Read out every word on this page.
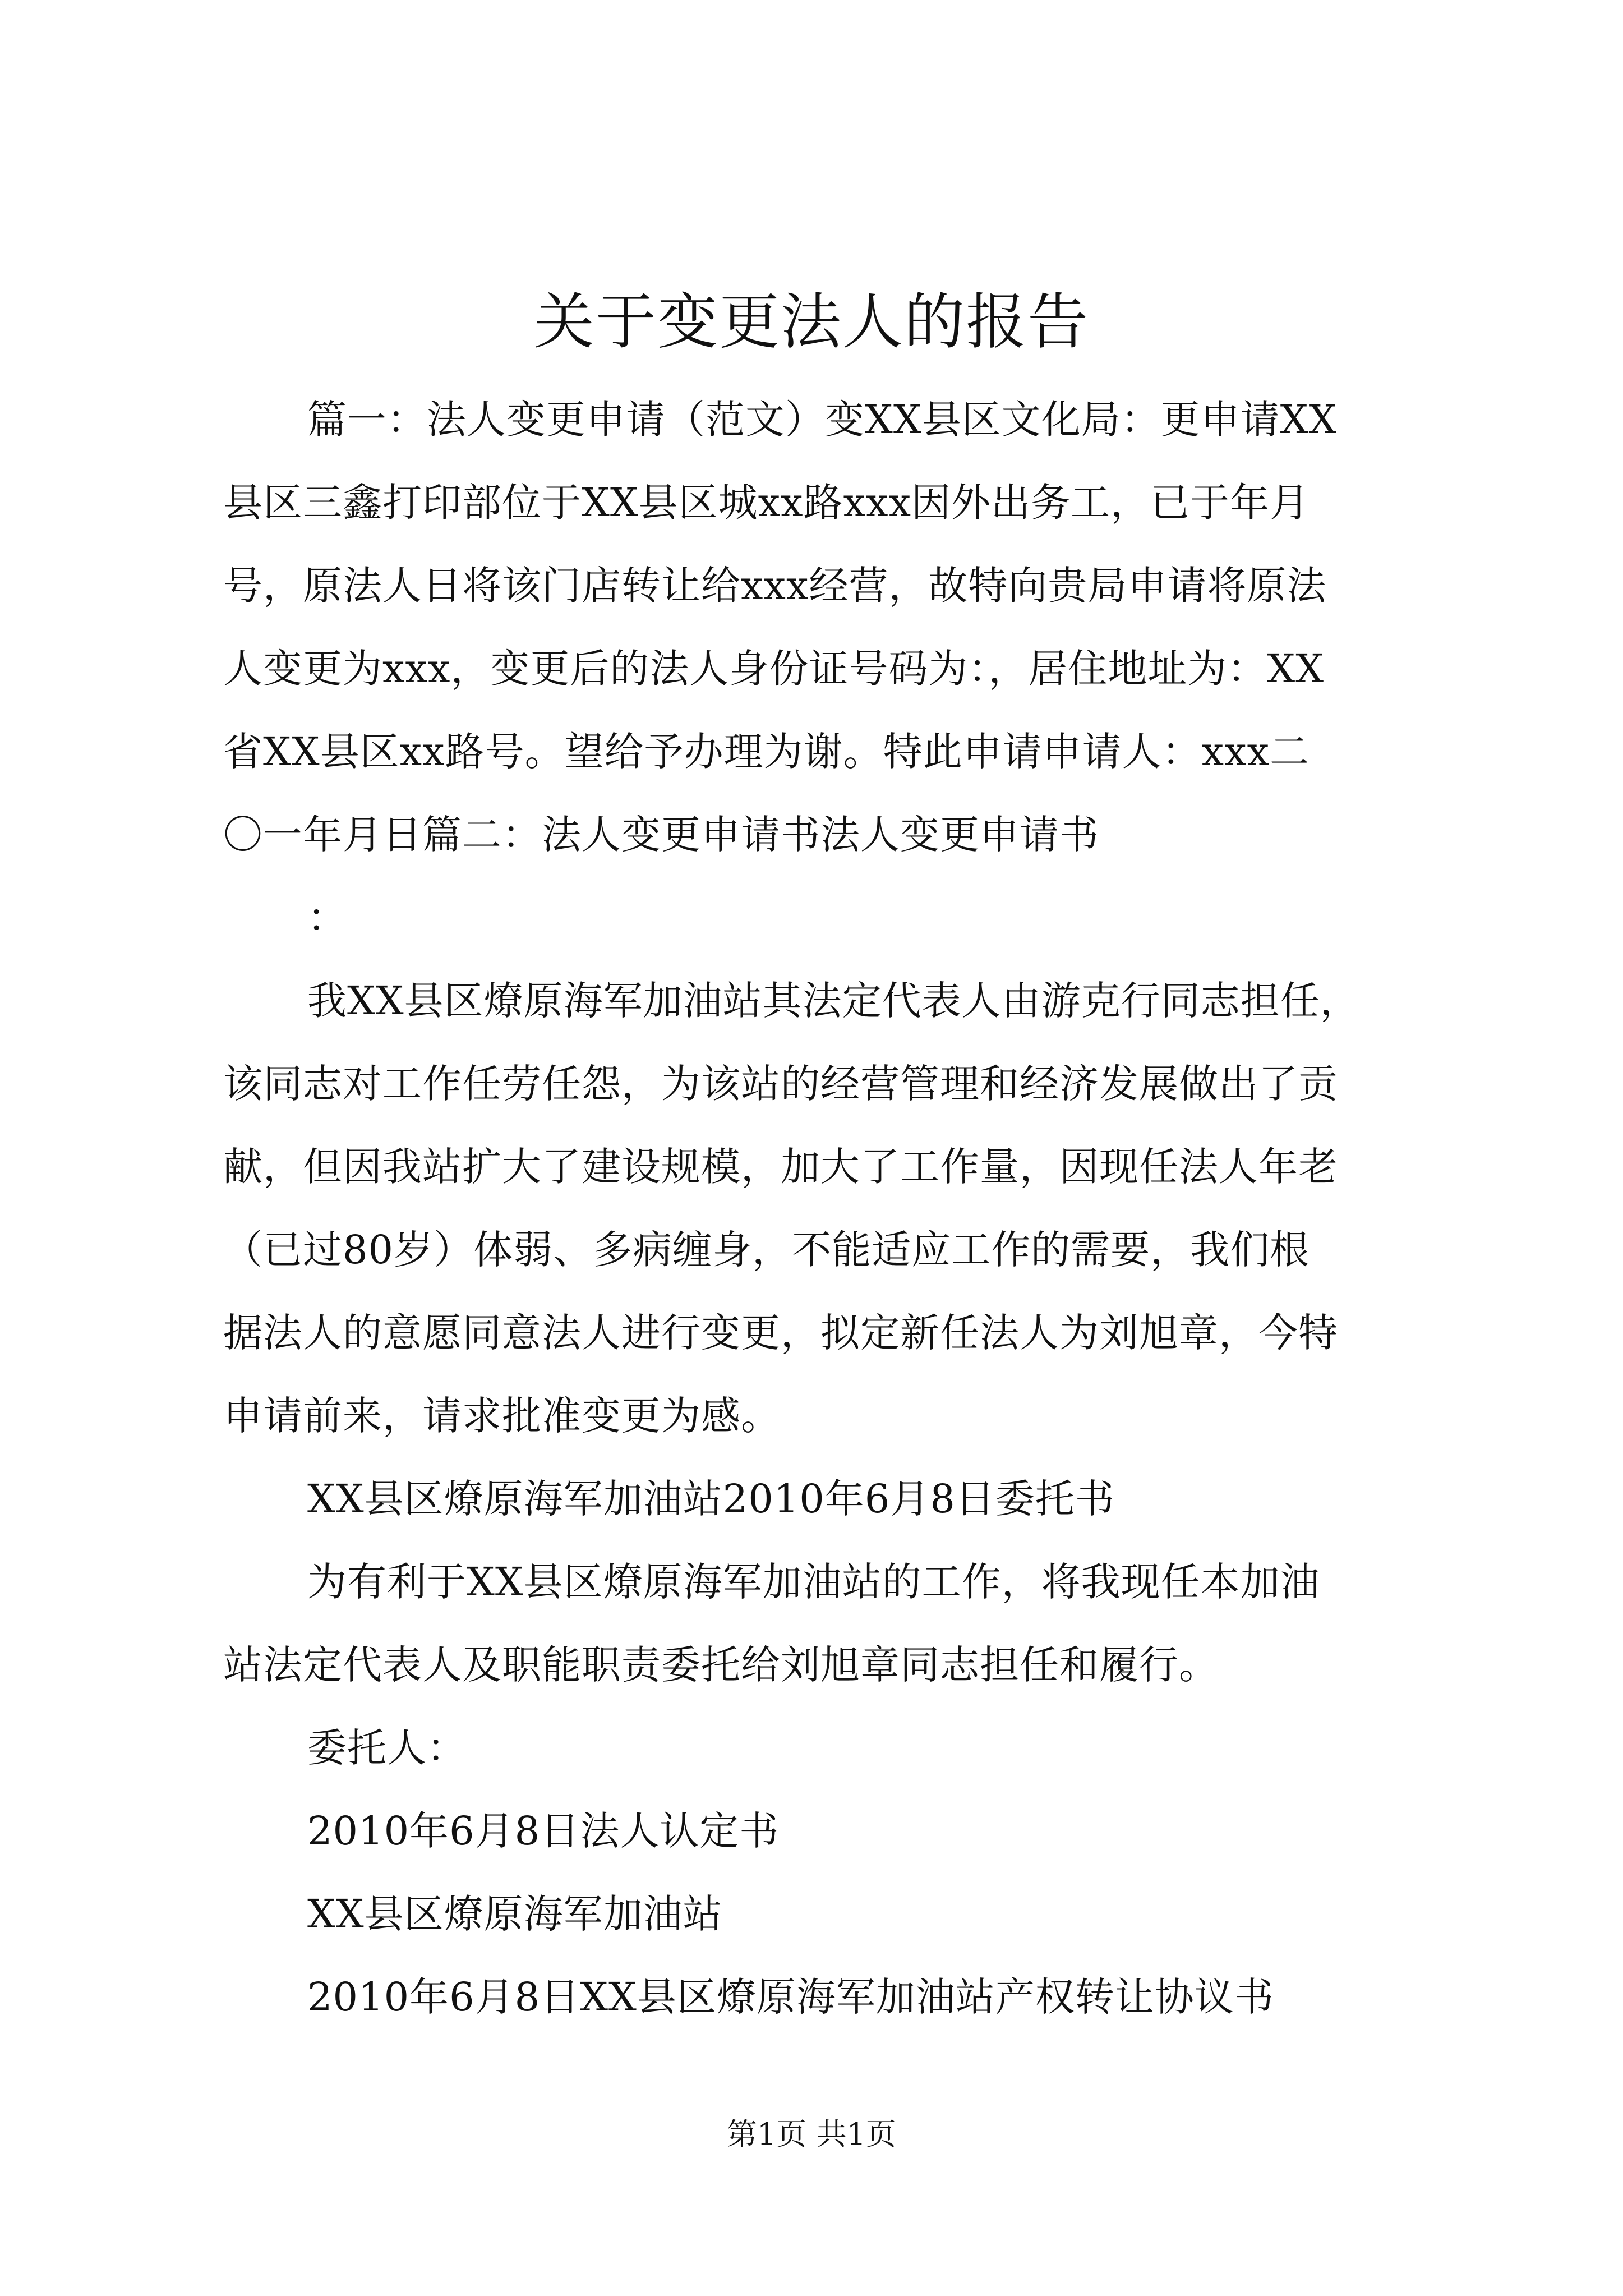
关于变更法人的报告
篇一：法人变更申请（范文）变XX县区文化局：更申请XX
县区三鑫打印部位于XX县区城xx路xxx因外出务工，已于年月
号，原法人日将该门店转让给xxx经营，故特向贵局申请将原法
人变更为xxx，变更后的法人身份证号码为：，居住地址为：XX
省XX县区xx路号。望给予办理为谢。特此申请申请人：xxx二
〇一年月日篇二：法人变更申请书法人变更申请书
：
我XX县区燎原海军加油站其法定代表人由游克行同志担任，
该同志对工作任劳任怨，为该站的经营管理和经济发展做出了贡
献，但因我站扩大了建设规模，加大了工作量，因现任法人年老
（已过80岁）体弱、多病缠身，不能适应工作的需要，我们根
据法人的意愿同意法人进行变更，拟定新任法人为刘旭章，今特
申请前来，请求批准变更为感。
XX县区燎原海军加油站2010年6月8日委托书
为有利于XX县区燎原海军加油站的工作，将我现任本加油
站法定代表人及职能职责委托给刘旭章同志担任和履行。
委托人：
2010年6月8日法人认定书
XX县区燎原海军加油站
2010年6月8日XX县区燎原海军加油站产权转让协议书
第1页 共1页
